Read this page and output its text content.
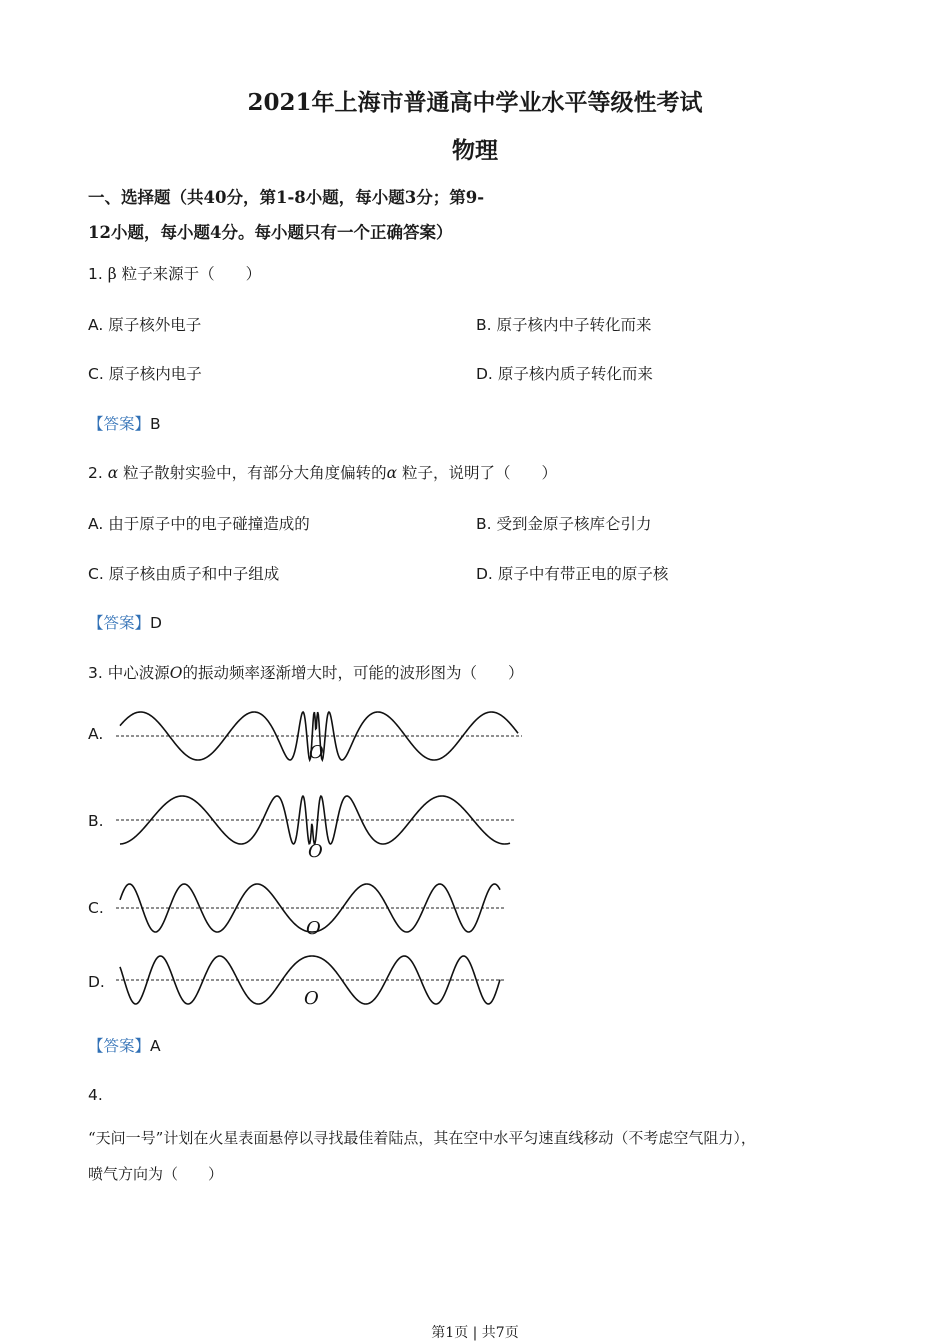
2021年上海市普通高中学业水平等级性考试
物理
一、选择题（共40分，第1-8小题，每小题3分；第9-
12小题，每小题4分。每小题只有一个正确答案）
1. β 粒子来源于（　　）
A. 原子核外电子	B. 原子核内中子转化而来
C. 原子核内电子	D. 原子核内质子转化而来
【答案】B
2. α 粒子散射实验中，有部分大角度偏转的α 粒子，说明了（　　）
A. 由于原子中的电子碰撞造成的	B. 受到金原子核库仑引力
C. 原子核由质子和中子组成	D. 原子中有带正电的原子核
【答案】D
3. 中心波源O的振动频率逐渐增大时，可能的波形图为（　　）
A.
B.
C.
D.
O
O
O
O
【答案】A
4.
“天问一号”计划在火星表面悬停以寻找最佳着陆点，其在空中水平匀速直线移动（不考虑空气阻力），
喷气方向为（　　）
第1页 | 共7页
